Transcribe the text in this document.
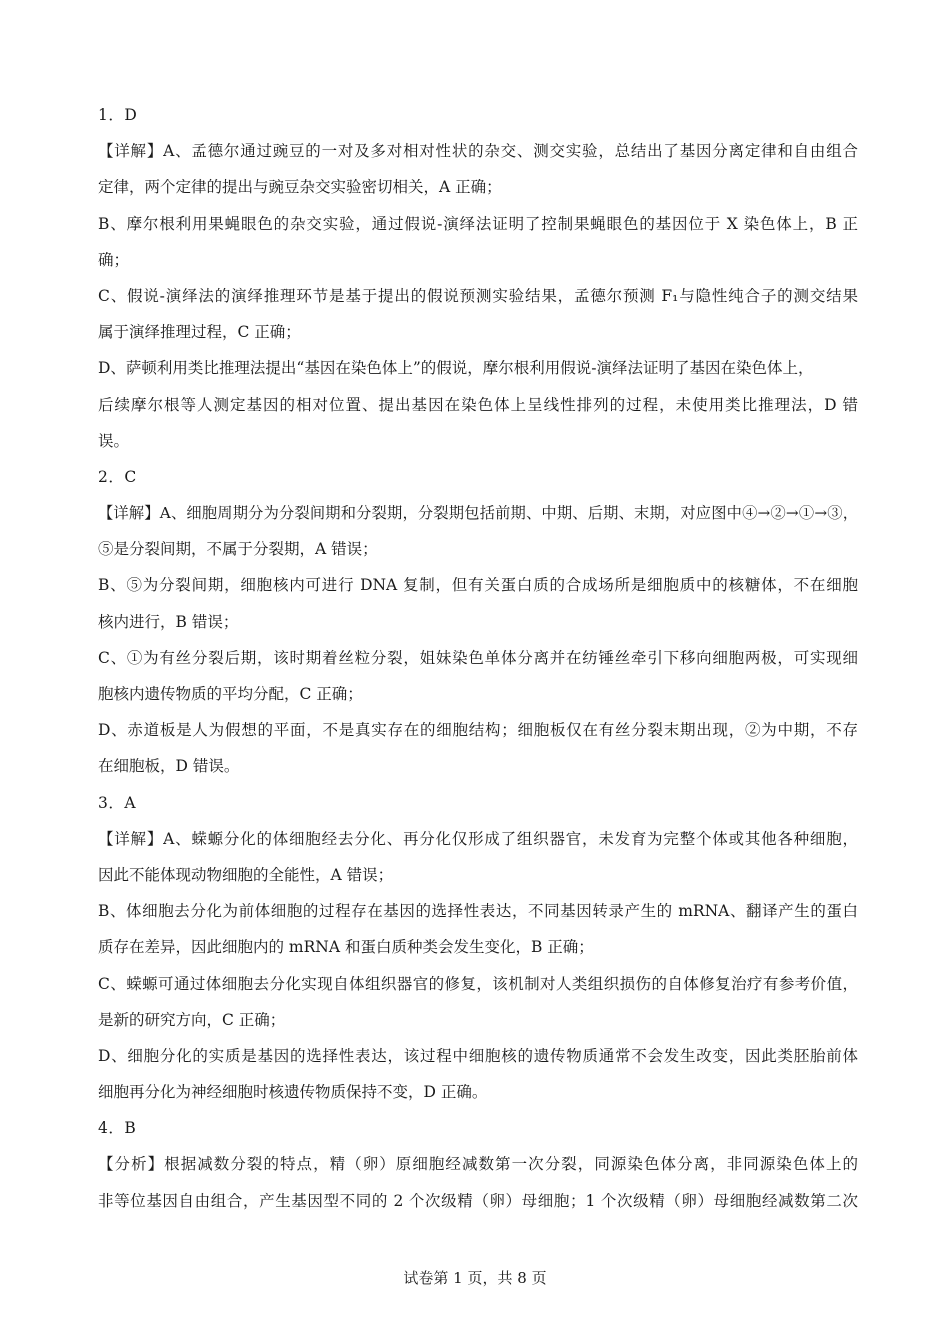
1．D
【详解】A、孟德尔通过豌豆的一对及多对相对性状的杂交、测交实验，总结出了基因分离定律和自由组合
定律，两个定律的提出与豌豆杂交实验密切相关，A 正确；
B、摩尔根利用果蝇眼色的杂交实验，通过假说-演绎法证明了控制果蝇眼色的基因位于 X 染色体上，B 正
确；
C、假说-演绎法的演绎推理环节是基于提出的假说预测实验结果，孟德尔预测 F₁与隐性纯合子的测交结果
属于演绎推理过程，C 正确；
D、萨顿利用类比推理法提出“基因在染色体上”的假说，摩尔根利用假说-演绎法证明了基因在染色体上，
后续摩尔根等人测定基因的相对位置、提出基因在染色体上呈线性排列的过程，未使用类比推理法，D 错
误。
2．C
【详解】A、细胞周期分为分裂间期和分裂期，分裂期包括前期、中期、后期、末期，对应图中④→②→①→③，
⑤是分裂间期，不属于分裂期，A 错误；
B、⑤为分裂间期，细胞核内可进行 DNA 复制，但有关蛋白质的合成场所是细胞质中的核糖体，不在细胞
核内进行，B 错误；
C、①为有丝分裂后期，该时期着丝粒分裂，姐妹染色单体分离并在纺锤丝牵引下移向细胞两极，可实现细
胞核内遗传物质的平均分配，C 正确；
D、赤道板是人为假想的平面，不是真实存在的细胞结构；细胞板仅在有丝分裂末期出现，②为中期，不存
在细胞板，D 错误。
3．A
【详解】A、蝾螈分化的体细胞经去分化、再分化仅形成了组织器官，未发育为完整个体或其他各种细胞，
因此不能体现动物细胞的全能性，A 错误；
B、体细胞去分化为前体细胞的过程存在基因的选择性表达，不同基因转录产生的 mRNA、翻译产生的蛋白
质存在差异，因此细胞内的 mRNA 和蛋白质种类会发生变化，B 正确；
C、蝾螈可通过体细胞去分化实现自体组织器官的修复，该机制对人类组织损伤的自体修复治疗有参考价值，
是新的研究方向，C 正确；
D、细胞分化的实质是基因的选择性表达，该过程中细胞核的遗传物质通常不会发生改变，因此类胚胎前体
细胞再分化为神经细胞时核遗传物质保持不变，D 正确。
4．B
【分析】根据减数分裂的特点，精（卵）原细胞经减数第一次分裂，同源染色体分离，非同源染色体上的
非等位基因自由组合，产生基因型不同的 2 个次级精（卵）母细胞；1 个次级精（卵）母细胞经减数第二次
试卷第 1 页，共 8 页
